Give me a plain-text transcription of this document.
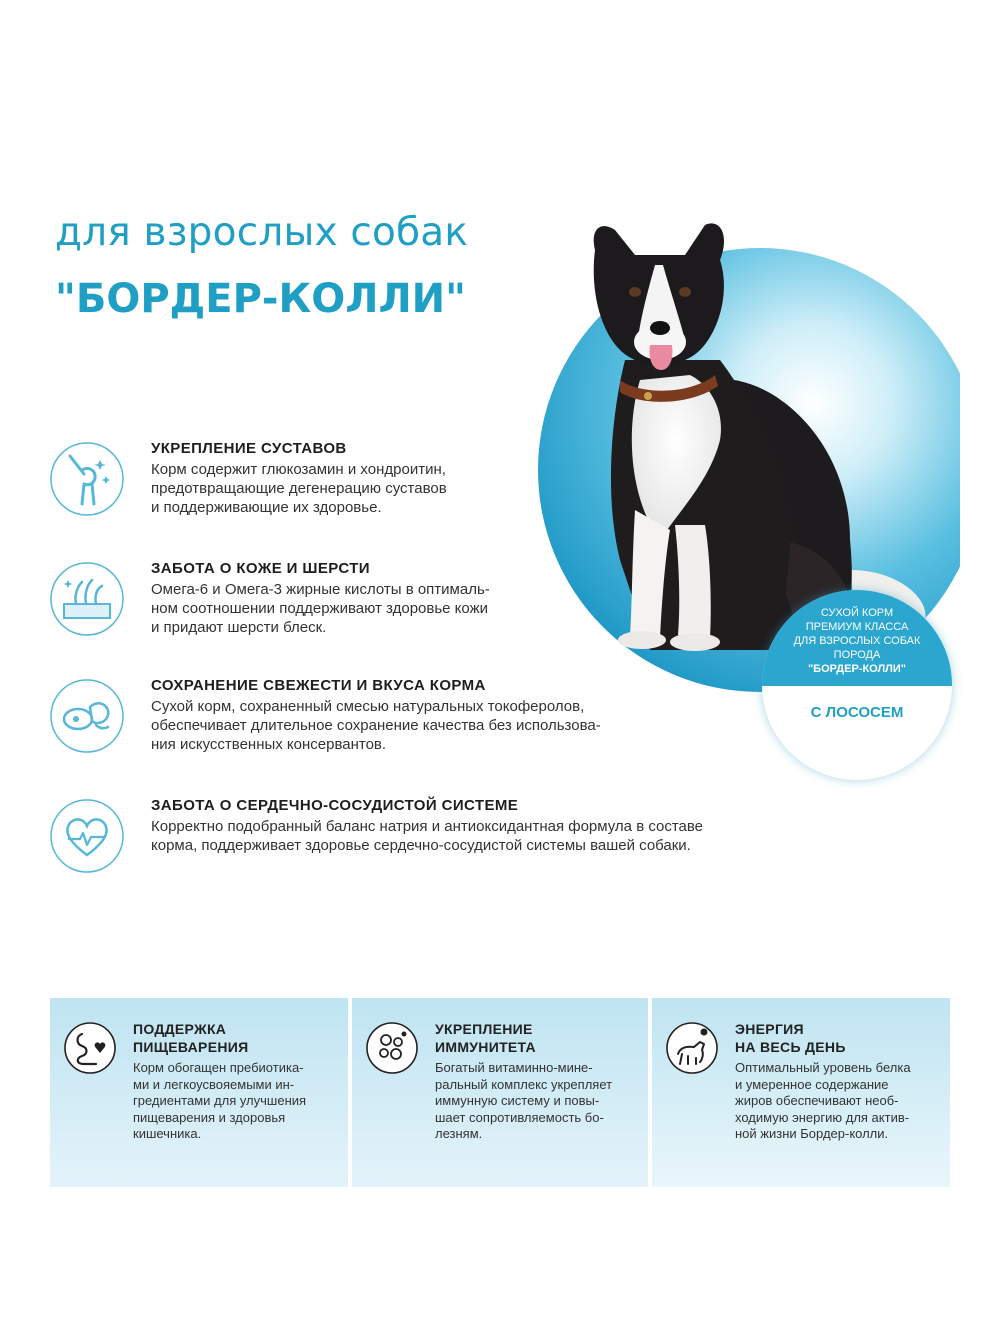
для взрослых собак
"БОРДЕР-КОЛЛИ"
СУХОЙ КОРМ
ПРЕМИУМ КЛАССА
ДЛЯ ВЗРОСЛЫХ СОБАК
ПОРОДА
"БОРДЕР-КОЛЛИ"
С ЛОСОСЕМ
УКРЕПЛЕНИЕ СУСТАВОВ
Корм содержит глюкозамин и хондроитин,
предотвращающие дегенерацию суставов
и поддерживающие их здоровье.
ЗАБОТА О КОЖЕ И ШЕРСТИ
Омега-6 и Омега-3 жирные кислоты в оптималь-
ном соотношении поддерживают здоровье кожи
и придают шерсти блеск.
СОХРАНЕНИЕ СВЕЖЕСТИ И ВКУСА КОРМА
Сухой корм, сохраненный смесью натуральных токоферолов,
обеспечивает длительное сохранение качества без использова-
ния искусственных консервантов.
ЗАБОТА О СЕРДЕЧНО-СОСУДИСТОЙ СИСТЕМЕ
Корректно подобранный баланс натрия и антиоксидантная формула в составе
корма, поддерживает здоровье сердечно-сосудистой системы вашей собаки.
ПОДДЕРЖКА
ПИЩЕВАРЕНИЯ
Корм обогащен пребиотика-
ми и легкоусвояемыми ин-
гредиентами для улучшения
пищеварения и здоровья
кишечника.
УКРЕПЛЕНИЕ
ИММУНИТЕТА
Богатый витаминно-мине-
ральный комплекс укрепляет
иммунную систему и повы-
шает сопротивляемость бо-
лезням.
ЭНЕРГИЯ
НА ВЕСЬ ДЕНЬ
Оптимальный уровень белка
и умеренное содержание
жиров обеспечивают необ-
ходимую энергию для актив-
ной жизни Бордер-колли.
